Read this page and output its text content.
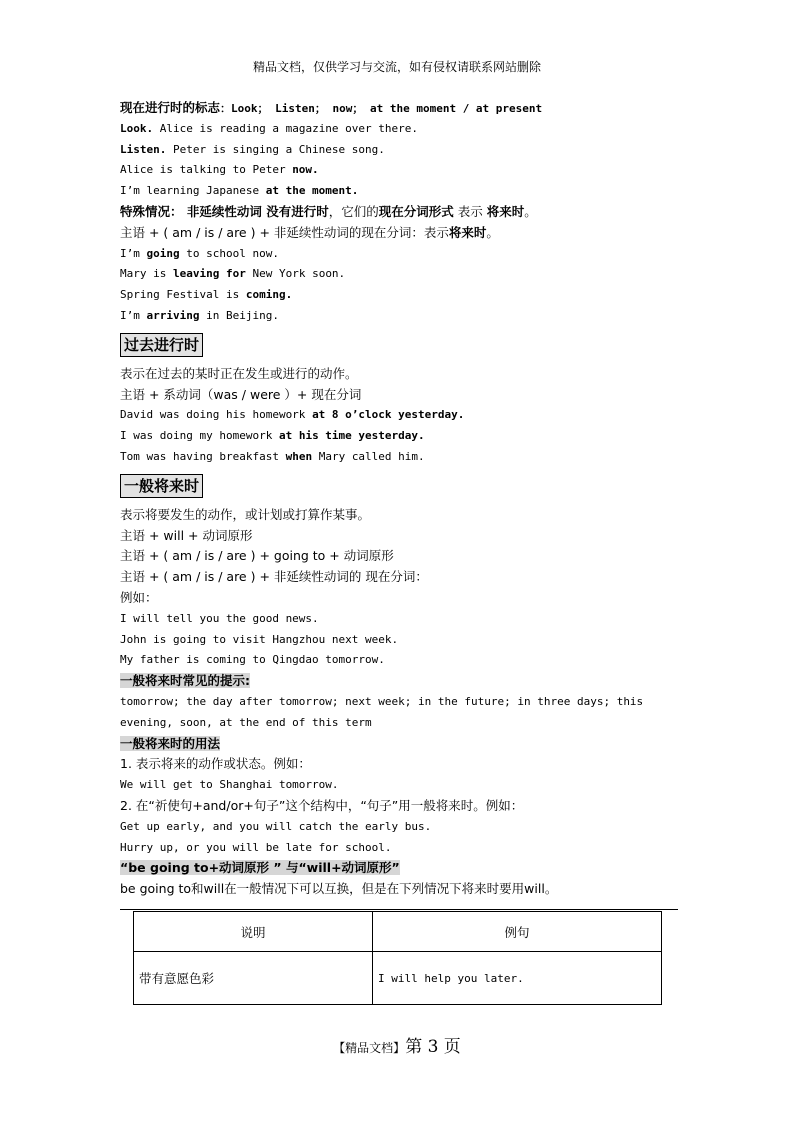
精品文档，仅供学习与交流，如有侵权请联系网站删除
现在进行时的标志：Look； Listen； now； at the moment / at present
Look. Alice is reading a magazine over there.
Listen. Peter is singing a Chinese song.
Alice is talking to Peter now.
I’m learning Japanese at the moment.
特殊情况： 非延续性动词 没有进行时，它们的现在分词形式 表示 将来时。
主语 + ( am / is / are ) + 非延续性动词的现在分词：表示将来时。
I’m going to school now.
Mary is leaving for New York soon.
Spring Festival is coming.
I’m arriving in Beijing.
过去进行时
表示在过去的某时正在发生或进行的动作。
主语 + 系动词（was / were ）+ 现在分词
David was doing his homework at 8 o’clock yesterday.
I was doing my homework at his time yesterday.
Tom was having breakfast when Mary called him.
一般将来时
表示将要发生的动作，或计划或打算作某事。
主语 + will + 动词原形
主语 + ( am / is / are ) + going to + 动词原形
主语 + ( am / is / are ) + 非延续性动词的 现在分词：
例如：
I will tell you the good news.
John is going to visit Hangzhou next week.
My father is coming to Qingdao tomorrow.
一般将来时常见的提示:
tomorrow; the day after tomorrow; next week; in the future; in three days; this evening, soon, at the end of this term
一般将来时的用法
1. 表示将来的动作或状态。例如：
We will get to Shanghai tomorrow.
2. 在“祈使句+and/or+句子”这个结构中，“句子”用一般将来时。例如：
Get up early, and you will catch the early bus.
Hurry up, or you will be late for school.
“be going to+动词原形 ” 与“will+动词原形”
be going to和will在一般情况下可以互换，但是在下列情况下将来时要用will。
说明	例句
带有意愿色彩	I will help you later.
【精品文档】第 3 页
